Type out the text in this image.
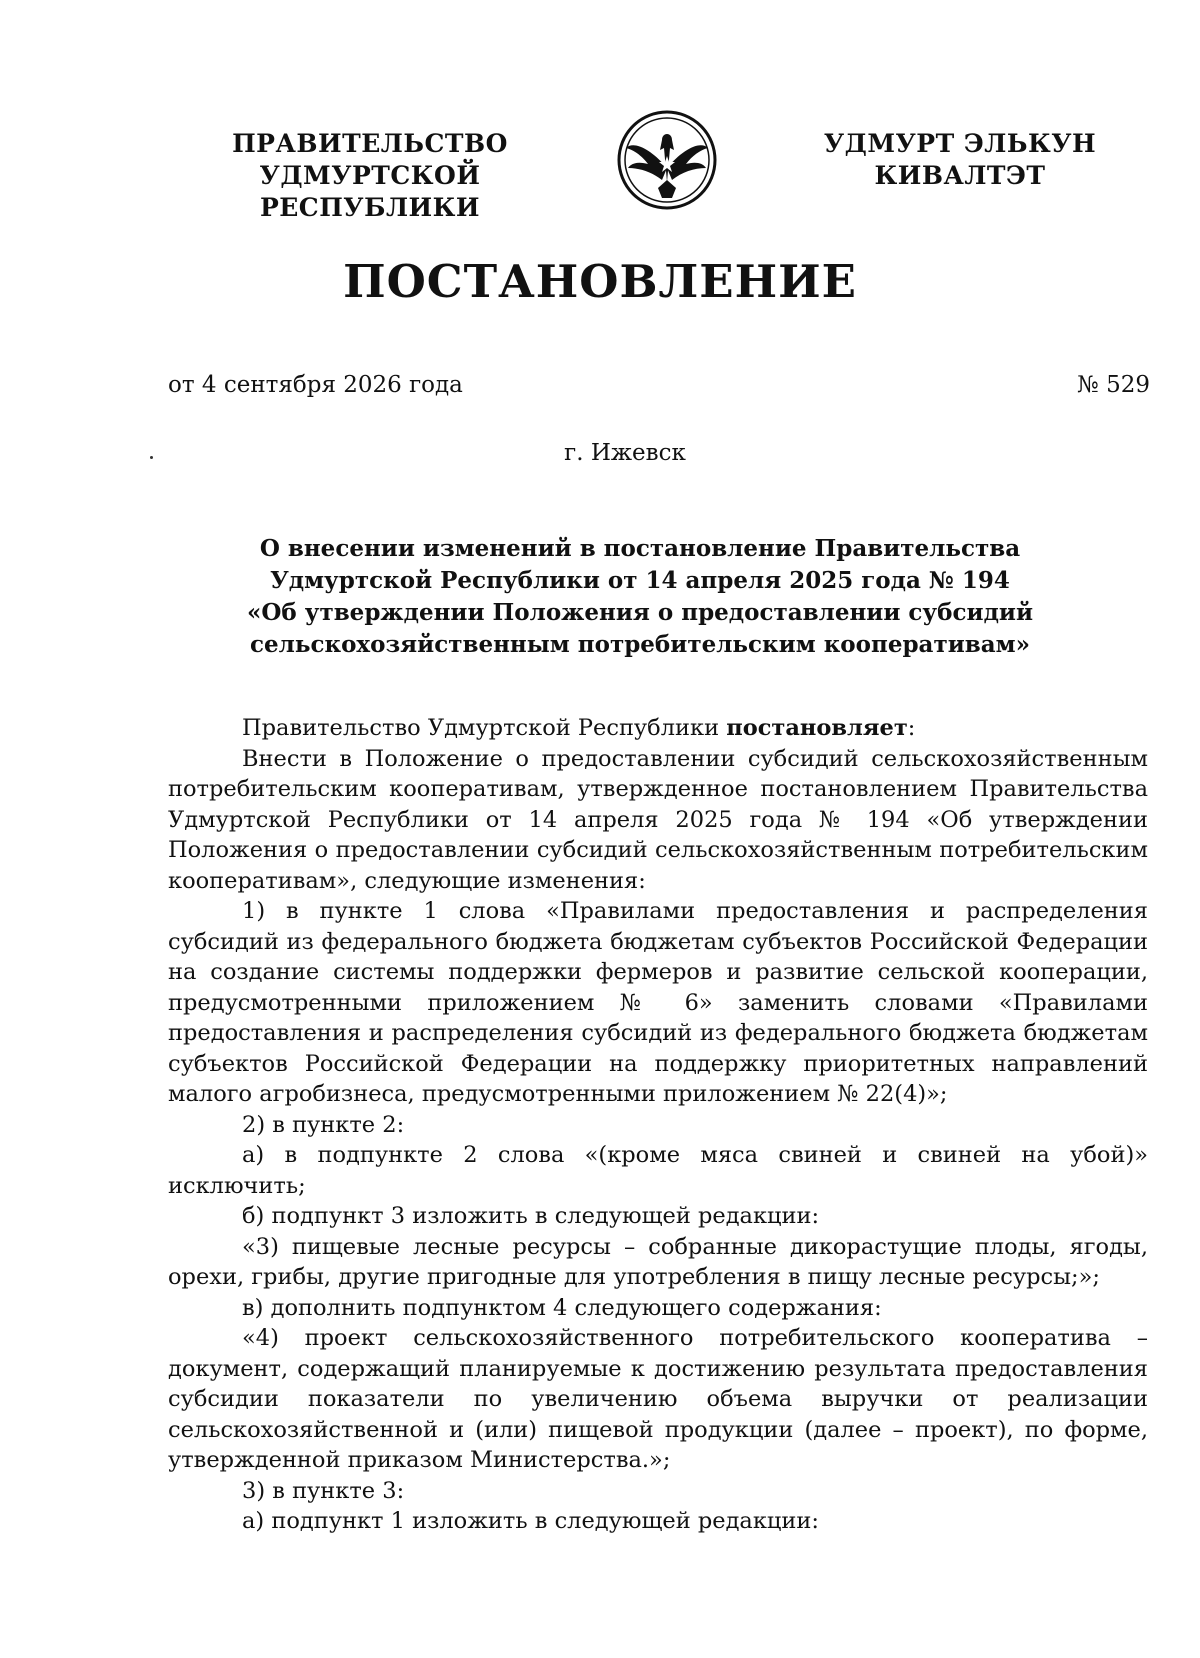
ПРАВИТЕЛЬСТВО
УДМУРТСКОЙ РЕСПУБЛИКИ
УДМУРТ ЭЛЬКУН
КИВАЛТЭТ
ПОСТАНОВЛЕНИЕ
от 4 сентября 2026 года	№ 529
г. Ижевск
О внесении изменений в постановление Правительства
Удмуртской Республики от 14 апреля 2025 года № 194
«Об утверждении Положения о предоставлении субсидий
сельскохозяйственным потребительским кооперативам»

Правительство Удмуртской Республики постановляет:

Внести в Положение о предоставлении субсидий сельскохозяйственным потребительским кооперативам, утвержденное постановлением Правительства Удмуртской Республики от 14 апреля 2025 года № 194 «Об утверждении Положения о предоставлении субсидий сельскохозяйственным потребительским кооперативам», следующие изменения:

1) в пункте 1 слова «Правилами предоставления и распределения субсидий из федерального бюджета бюджетам субъектов Российской Федерации на создание системы поддержки фермеров и развитие сельской кооперации, предусмотренными приложением № 6» заменить словами «Правилами предоставления и распределения субсидий из федерального бюджета бюджетам субъектов Российской Федерации на поддержку приоритетных направлений малого агробизнеса, предусмотренными приложением № 22(4)»;

2) в пункте 2:

а) в подпункте 2 слова «(кроме мяса свиней и свиней на убой)» исключить;

б) подпункт 3 изложить в следующей редакции:

«3) пищевые лесные ресурсы – собранные дикорастущие плоды, ягоды, орехи, грибы, другие пригодные для употребления в пищу лесные ресурсы;»;

в) дополнить подпунктом 4 следующего содержания:

«4) проект сельскохозяйственного потребительского кооператива – документ, содержащий планируемые к достижению результата предоставления субсидии показатели по увеличению объема выручки от реализации сельскохозяйственной и (или) пищевой продукции (далее – проект), по форме, утвержденной приказом Министерства.»;

3) в пункте 3:

а) подпункт 1 изложить в следующей редакции:
